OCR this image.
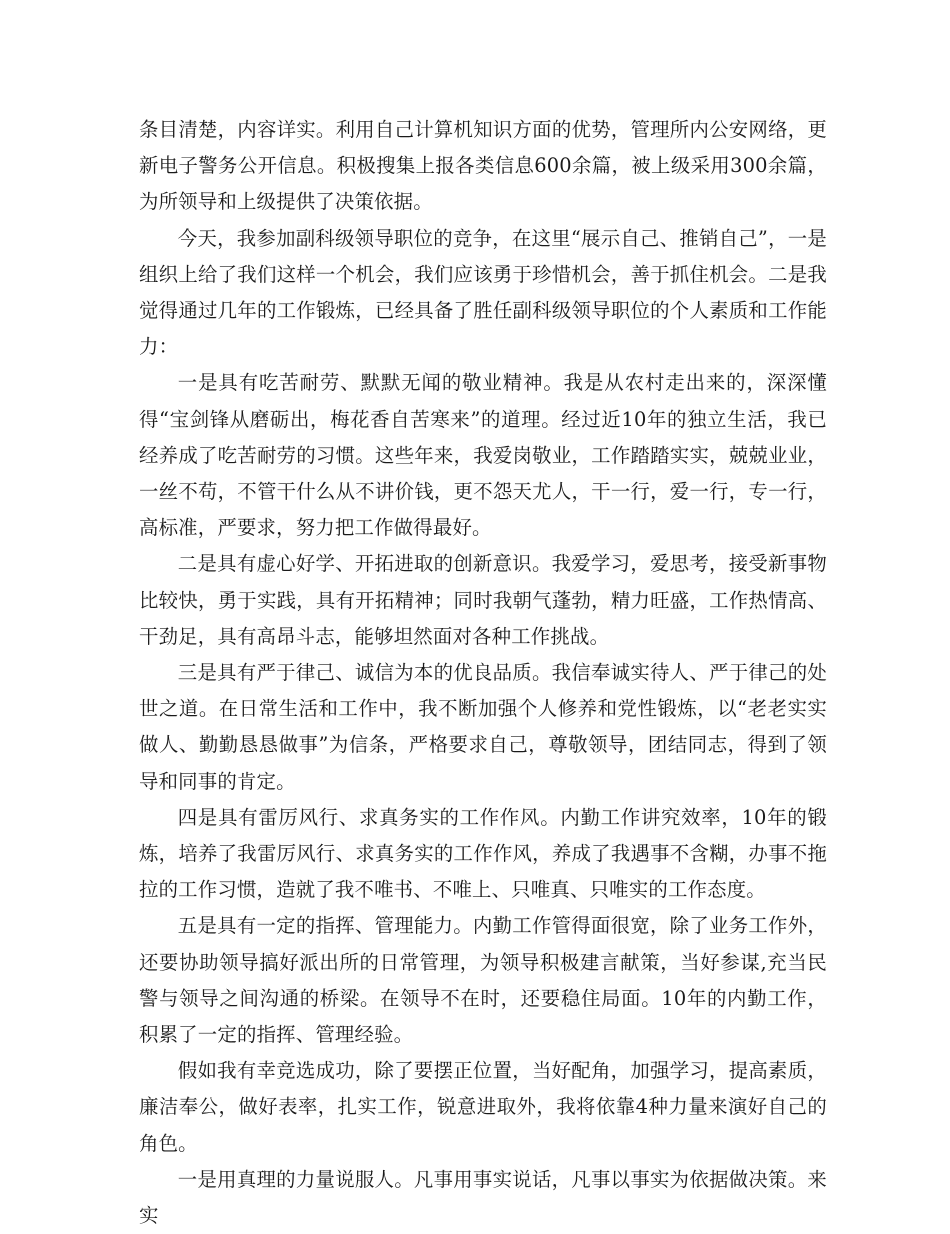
条目清楚，内容详实。利用自己计算机知识方面的优势，管理所内公安网络，更新电子警务公开信息。积极搜集上报各类信息600余篇，被上级采用300余篇，为所领导和上级提供了决策依据。

今天，我参加副科级领导职位的竞争，在这里“展示自己、推销自己”，一是组织上给了我们这样一个机会，我们应该勇于珍惜机会，善于抓住机会。二是我觉得通过几年的工作锻炼，已经具备了胜任副科级领导职位的个人素质和工作能力：

一是具有吃苦耐劳、默默无闻的敬业精神。我是从农村走出来的，深深懂得“宝剑锋从磨砺出，梅花香自苦寒来”的道理。经过近10年的独立生活，我已经养成了吃苦耐劳的习惯。这些年来，我爱岗敬业，工作踏踏实实，兢兢业业，一丝不苟，不管干什么从不讲价钱，更不怨天尤人，干一行，爱一行，专一行，高标准，严要求，努力把工作做得最好。

二是具有虚心好学、开拓进取的创新意识。我爱学习，爱思考，接受新事物比较快，勇于实践，具有开拓精神；同时我朝气蓬勃，精力旺盛，工作热情高、干劲足，具有高昂斗志，能够坦然面对各种工作挑战。

三是具有严于律己、诚信为本的优良品质。我信奉诚实待人、严于律己的处世之道。在日常生活和工作中，我不断加强个人修养和党性锻炼，以“老老实实做人、勤勤恳恳做事”为信条，严格要求自己，尊敬领导，团结同志，得到了领导和同事的肯定。

四是具有雷厉风行、求真务实的工作作风。内勤工作讲究效率，10年的锻炼，培养了我雷厉风行、求真务实的工作作风，养成了我遇事不含糊，办事不拖拉的工作习惯，造就了我不唯书、不唯上、只唯真、只唯实的工作态度。

五是具有一定的指挥、管理能力。内勤工作管得面很宽，除了业务工作外，还要协助领导搞好派出所的日常管理，为领导积极建言献策，当好参谋,充当民警与领导之间沟通的桥梁。在领导不在时，还要稳住局面。10年的内勤工作，积累了一定的指挥、管理经验。

假如我有幸竞选成功，除了要摆正位置，当好配角，加强学习，提高素质，廉洁奉公，做好表率，扎实工作，锐意进取外，我将依靠4种力量来演好自己的角色。

一是用真理的力量说服人。凡事用事实说话，凡事以事实为依据做决策。来实
